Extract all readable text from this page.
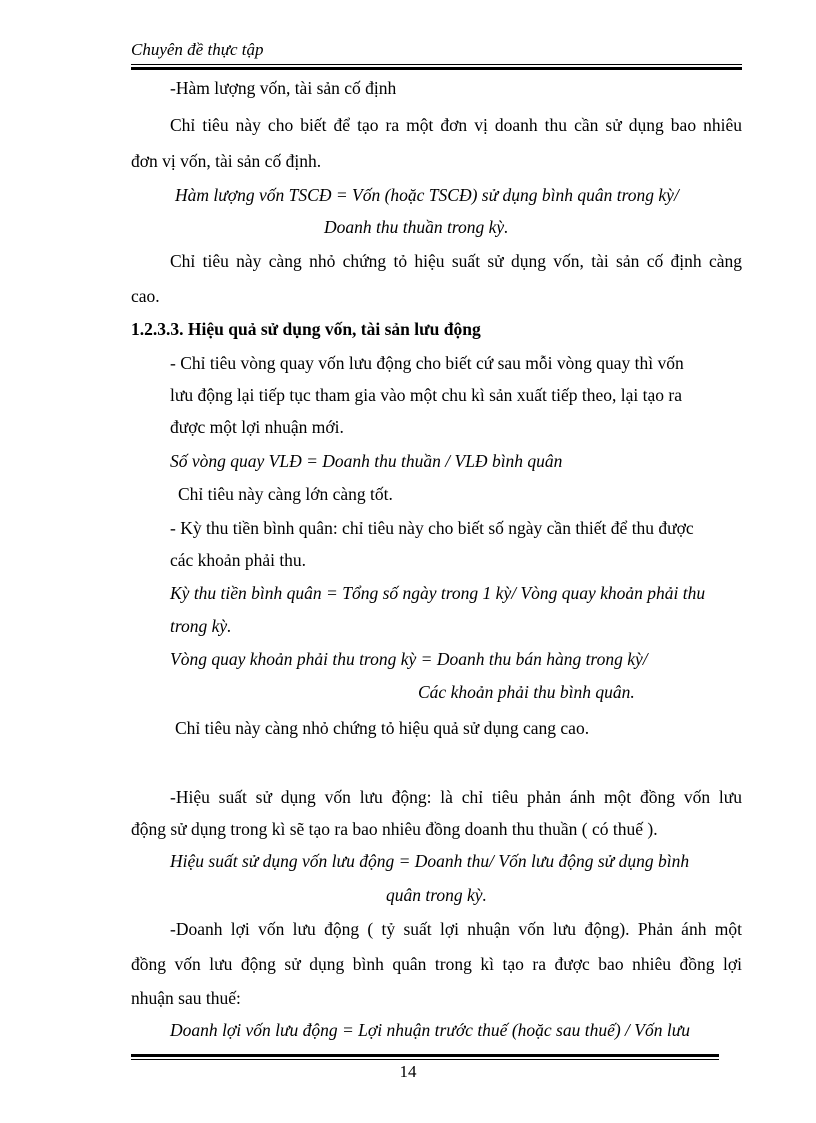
Chuyên đề thực tập
-Hàm lượng vốn, tài sản cố định
Chỉ tiêu này cho biết để tạo ra một đơn vị doanh thu cần sử dụng bao nhiêu
đơn vị vốn, tài sản cố định.
Hàm lượng vốn TSCĐ = Vốn (hoặc TSCĐ) sử dụng bình quân trong kỳ/
Doanh thu thuần trong kỳ.
Chỉ tiêu này càng nhỏ chứng tỏ hiệu suất sử dụng vốn, tài sản cố định càng
cao.
1.2.3.3. Hiệu quả sử dụng vốn, tài sản lưu động
- Chỉ tiêu vòng quay vốn lưu động cho biết cứ sau mỗi vòng quay thì vốn
lưu động lại tiếp tục tham gia vào một chu kì sản xuất tiếp theo, lại tạo ra
được một lợi nhuận mới.
Số vòng quay VLĐ = Doanh thu thuần / VLĐ bình quân
Chỉ tiêu này càng lớn càng tốt.
- Kỳ thu tiền bình quân: chỉ tiêu này cho biết số ngày cần thiết để thu được
các khoản phải thu.
Kỳ thu tiền bình quân = Tổng số ngày trong 1 kỳ/ Vòng quay khoản phải thu
trong kỳ.
Vòng quay khoản phải thu trong kỳ = Doanh thu bán hàng trong kỳ/
Các khoản phải thu bình quân.
Chỉ tiêu này càng nhỏ chứng tỏ hiệu quả sử dụng cang cao.
-Hiệu suất sử dụng vốn lưu động: là chỉ tiêu phản ánh một đồng vốn lưu
động sử dụng trong kì sẽ tạo ra bao nhiêu đồng doanh thu thuần ( có thuế ).
Hiệu suất sử dụng vốn lưu động = Doanh thu/ Vốn lưu động sử dụng bình
quân trong kỳ.
-Doanh lợi vốn lưu động ( tỷ suất lợi nhuận vốn lưu động). Phản ánh một
đồng vốn lưu động sử dụng bình quân trong kì tạo ra được bao nhiêu đồng lợi
nhuận sau thuế:
Doanh lợi vốn lưu động = Lợi nhuận trước thuế (hoặc sau thuế) / Vốn lưu
14
